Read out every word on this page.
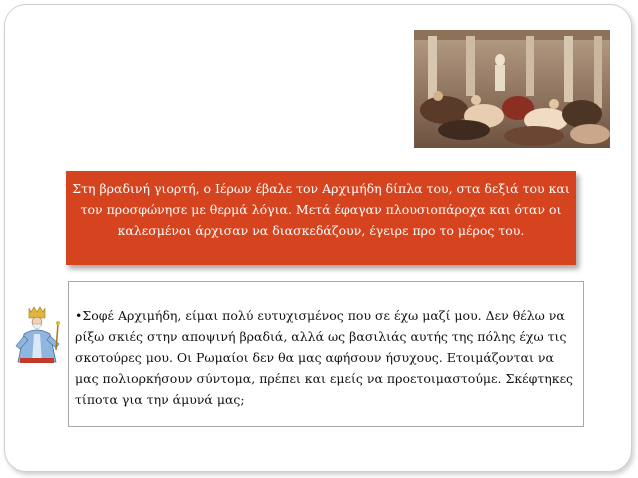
Στη βραδινή γιορτή, ο Ιέρων έβαλε τον Αρχιμήδη δίπλα του, στα δεξιά του και τον προσφώνησε με θερμά λόγια. Μετά έφαγαν πλουσιοπάροχα και όταν οι καλεσμένοι άρχισαν να διασκεδάζουν, έγειρε προ το μέρος του.
•Σοφέ Αρχιμήδη, είμαι πολύ ευτυχισμένος που σε έχω μαζί μου. Δεν θέλω να ρίξω σκιές στην αποψινή βραδιά, αλλά ως βασιλιάς αυτής της πόλης έχω τις σκοτούρες μου. Οι Ρωμαίοι δεν θα μας αφήσουν ήσυχους. Ετοιμάζονται να μας πολιορκήσουν σύντομα, πρέπει και εμείς να προετοιμαστούμε. Σκέφτηκες τίποτα για την άμυνά μας;
